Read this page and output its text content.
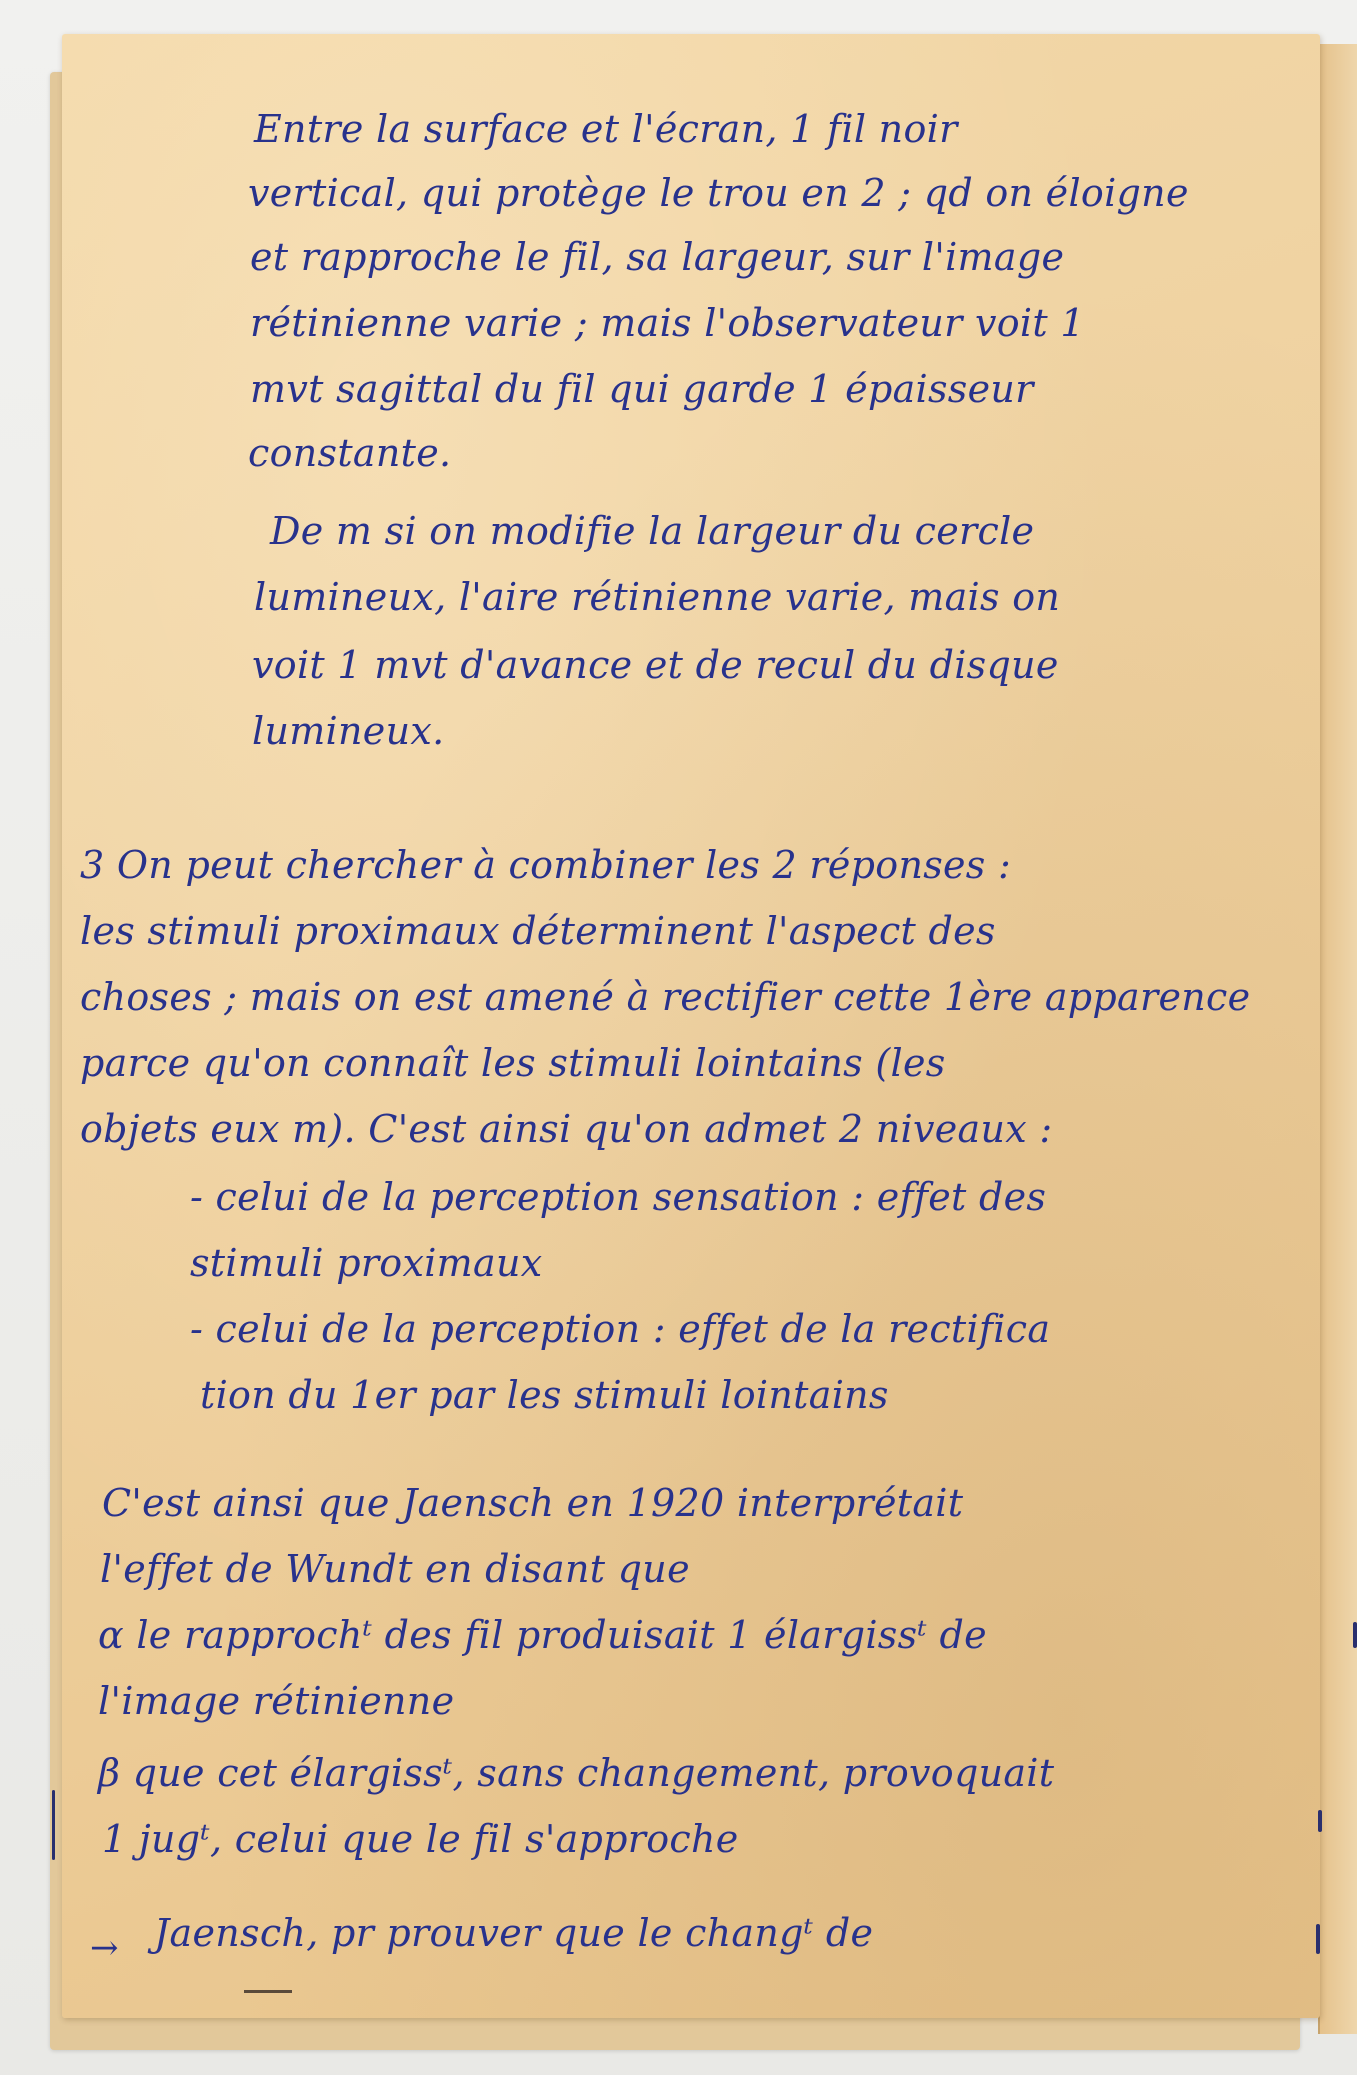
Entre la surface et l'écran, 1 fil noir
vertical, qui protège le trou en 2 ; qd on éloigne
et rapproche le fil, sa largeur, sur l'image
rétinienne varie ; mais l'observateur voit 1
mvt sagittal du fil qui garde 1 épaisseur
constante.
De m si on modifie la largeur du cercle
lumineux, l'aire rétinienne varie, mais on
voit 1 mvt d'avance et de recul du disque
lumineux.
3 On peut chercher à combiner les 2 réponses :
les stimuli proximaux déterminent l'aspect des
choses ; mais on est amené à rectifier cette 1ère apparence
parce qu'on connaît les stimuli lointains (les
objets eux m). C'est ainsi qu'on admet 2 niveaux :
- celui de la perception sensation : effet des
stimuli proximaux
- celui de la perception : effet de la rectifica
tion du 1er par les stimuli lointains
C'est ainsi que Jaensch en 1920 interprétait
l'effet de Wundt en disant que
α le rapprochᵗ des fil produisait 1 élargissᵗ de
l'image rétinienne
β que cet élargissᵗ, sans changement, provoquait
1 jugᵗ, celui que le fil s'approche
Jaensch, pr prouver que le changᵗ de
→
